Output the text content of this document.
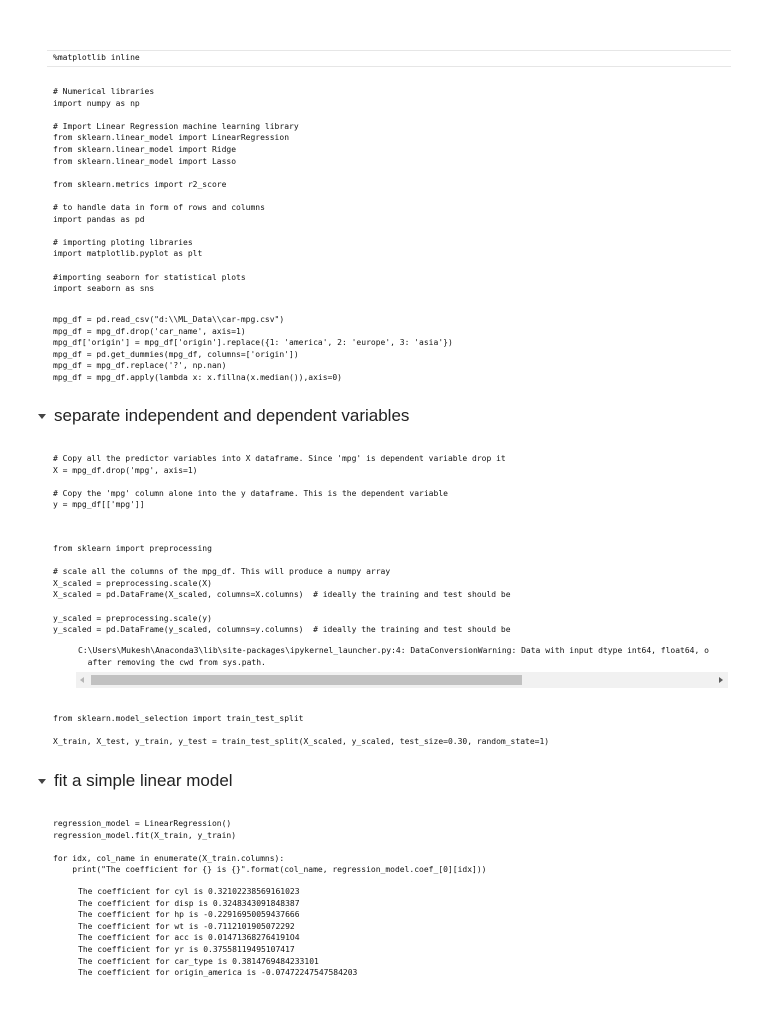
%matplotlib inline
# Numerical libraries
import numpy as np
# Import Linear Regression machine learning library
from sklearn.linear_model import LinearRegression
from sklearn.linear_model import Ridge
from sklearn.linear_model import Lasso
from sklearn.metrics import r2_score
# to handle data in form of rows and columns
import pandas as pd
# importing ploting libraries
import matplotlib.pyplot as plt
#importing seaborn for statistical plots
import seaborn as sns
mpg_df = pd.read_csv("d:\\ML_Data\\car-mpg.csv")
mpg_df = mpg_df.drop('car_name', axis=1)
mpg_df['origin'] = mpg_df['origin'].replace({1: 'america', 2: 'europe', 3: 'asia'})
mpg_df = pd.get_dummies(mpg_df, columns=['origin'])
mpg_df = mpg_df.replace('?', np.nan)
mpg_df = mpg_df.apply(lambda x: x.fillna(x.median()),axis=0)
separate independent and dependent variables
# Copy all the predictor variables into X dataframe. Since 'mpg' is dependent variable drop it
X = mpg_df.drop('mpg', axis=1)
# Copy the 'mpg' column alone into the y dataframe. This is the dependent variable
y = mpg_df[['mpg']]
from sklearn import preprocessing
# scale all the columns of the mpg_df. This will produce a numpy array
X_scaled = preprocessing.scale(X)
X_scaled = pd.DataFrame(X_scaled, columns=X.columns)  # ideally the training and test should be
y_scaled = preprocessing.scale(y)
y_scaled = pd.DataFrame(y_scaled, columns=y.columns)  # ideally the training and test should be
C:\Users\Mukesh\Anaconda3\lib\site-packages\ipykernel_launcher.py:4: DataConversionWarning: Data with input dtype int64, float64, o
after removing the cwd from sys.path.
from sklearn.model_selection import train_test_split
X_train, X_test, y_train, y_test = train_test_split(X_scaled, y_scaled, test_size=0.30, random_state=1)
fit a simple linear model
regression_model = LinearRegression()
regression_model.fit(X_train, y_train)
for idx, col_name in enumerate(X_train.columns):
print("The coefficient for {} is {}".format(col_name, regression_model.coef_[0][idx]))
The coefficient for cyl is 0.3210223856916102З
The coefficient for disp is 0.3248343091848387
The coefficient for hp is -0.22916950059437666
The coefficient for wt is -0.7112101905072292
The coefficient for acc is 0.014713682764191О4
The coefficient for yr is 0.37558119495107417
The coefficient for car_type is 0.3814769484233101
The coefficient for origin_america is -0.07472247547584203
